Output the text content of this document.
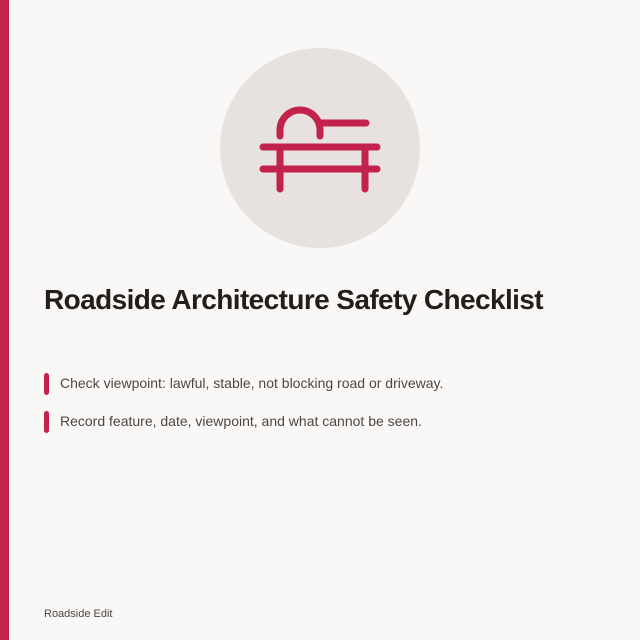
Roadside Architecture Safety Checklist
Check viewpoint: lawful, stable, not blocking road or driveway.
Record feature, date, viewpoint, and what cannot be seen.
Roadside Edit
